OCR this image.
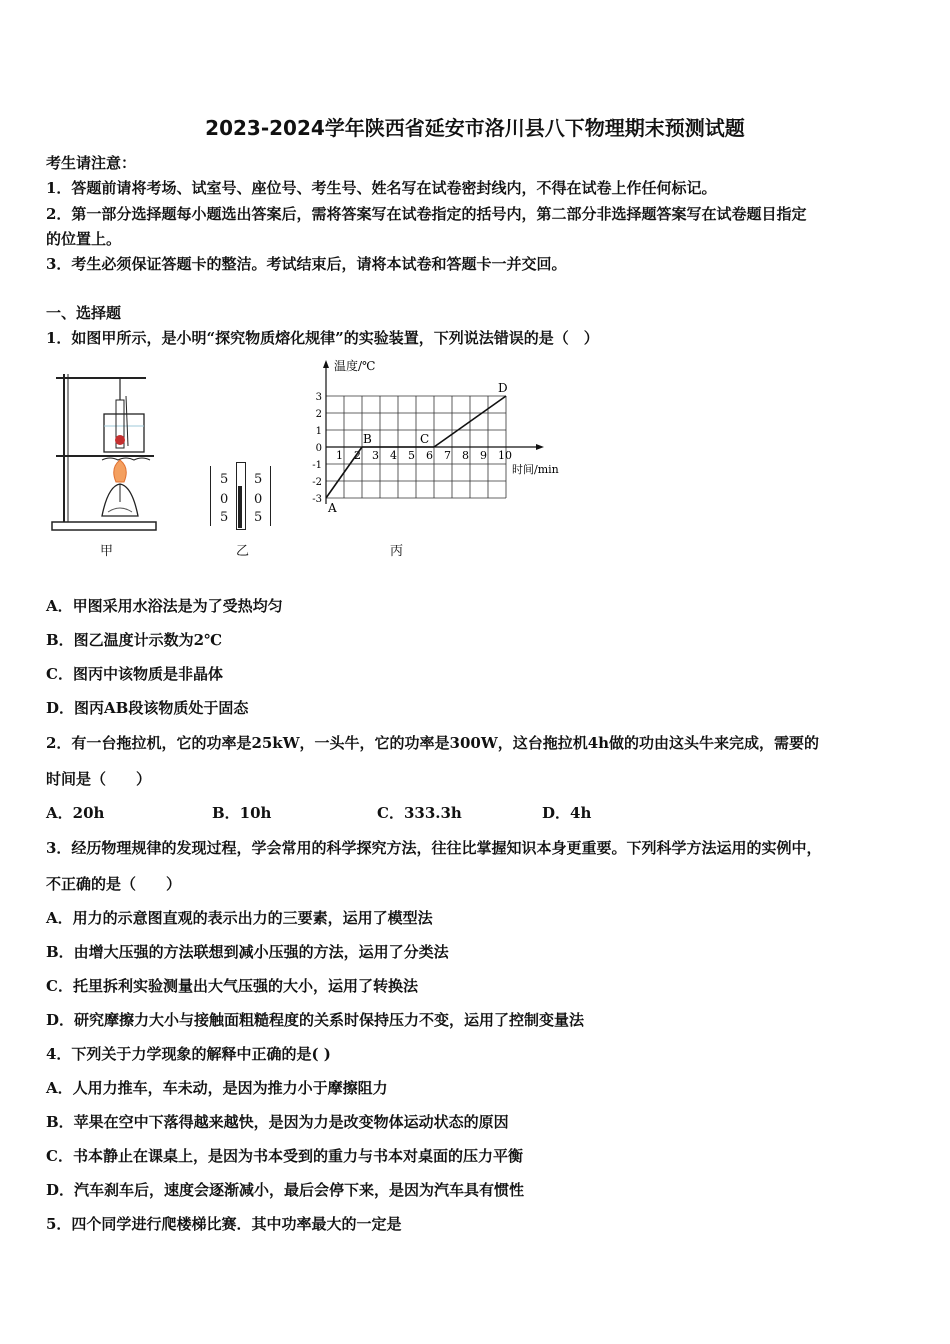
2023-2024学年陕西省延安市洛川县八下物理期末预测试题
考生请注意：
1．答题前请将考场、试室号、座位号、考生号、姓名写在试卷密封线内，不得在试卷上作任何标记。
2．第一部分选择题每小题选出答案后，需将答案写在试卷指定的括号内，第二部分非选择题答案写在试卷题目指定
的位置上。
3．考生必须保证答题卡的整洁。考试结束后，请将本试卷和答题卡一并交回。
一、选择题
1．如图甲所示，是小明“探究物质熔化规律”的实验装置，下列说法错误的是（　）
5
0
5
5
0
5
温度/℃
时间/min
1 2 3 4 5 6 7 8 9 10
3
2
1
0
-1
-2
-3
A
B	C
D
甲	乙	丙
A．甲图采用水浴法是为了受热均匀
B．图乙温度计示数为2℃
C．图丙中该物质是非晶体
D．图丙AB段该物质处于固态
2．有一台拖拉机，它的功率是25kW，一头牛，它的功率是300W，这台拖拉机4h做的功由这头牛来完成，需要的
时间是（　　）
A．20h	B．10h	C．333.3h	D．4h
3．经历物理规律的发现过程，学会常用的科学探究方法，往往比掌握知识本身更重要。下列科学方法运用的实例中，
不正确的是（　　）
A．用力的示意图直观的表示出力的三要素，运用了模型法
B．由增大压强的方法联想到减小压强的方法，运用了分类法
C．托里拆利实验测量出大气压强的大小，运用了转换法
D．研究摩擦力大小与接触面粗糙程度的关系时保持压力不变，运用了控制变量法
4．下列关于力学现象的解释中正确的是( )
A．人用力推车，车未动，是因为推力小于摩擦阻力
B．苹果在空中下落得越来越快，是因为力是改变物体运动状态的原因
C．书本静止在课桌上，是因为书本受到的重力与书本对桌面的压力平衡
D．汽车刹车后，速度会逐渐减小，最后会停下来，是因为汽车具有惯性
5．四个同学进行爬楼梯比赛．其中功率最大的一定是
